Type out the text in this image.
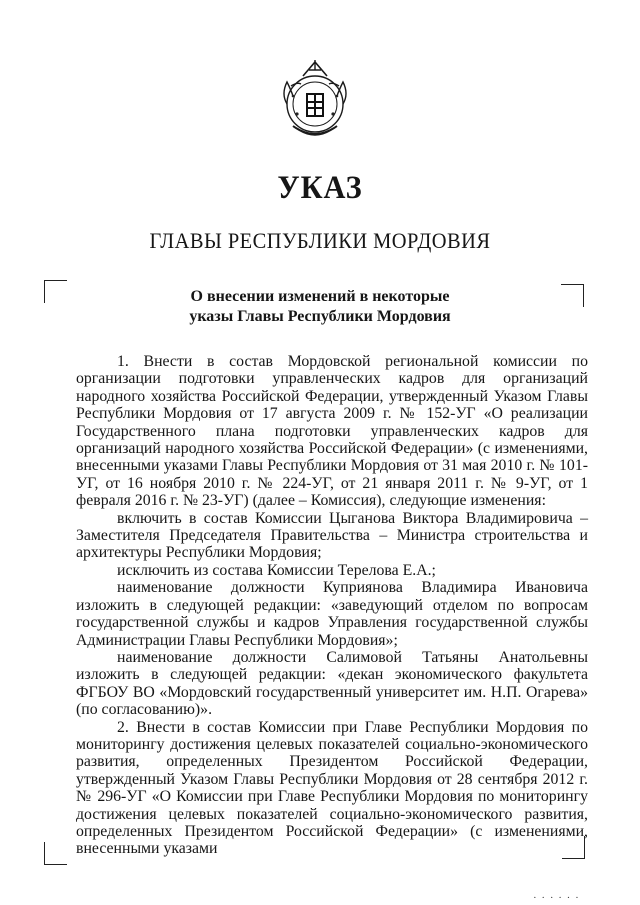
УКАЗ
ГЛАВЫ РЕСПУБЛИКИ МОРДОВИЯ
О внесении изменений в некоторые
указы Главы Республики Мордовия

1. Внести в состав Мордовской региональной комиссии по организации подготовки управленческих кадров для организаций народного хозяйства Российской Федерации, утвержденный Указом Главы Республики Мордовия от 17 августа 2009 г. № 152-УГ «О реализации Государственного плана подготовки управленческих кадров для организаций народного хозяйства Российской Федерации» (с изменениями, внесенными указами Главы Республики Мордовия от 31 мая 2010 г. № 101-УГ, от 16 ноября 2010 г. № 224-УГ, от 21 января 2011 г. № 9-УГ, от 1 февраля 2016 г. № 23-УГ) (далее – Комиссия), следующие изменения:

включить в состав Комиссии Цыганова Виктора Владимировича – Заместителя Председателя Правительства – Министра строительства и архитектуры Республики Мордовия;

исключить из состава Комиссии Терелова Е.А.;

наименование должности Куприянова Владимира Ивановича изложить в следующей редакции: «заведующий отделом по вопросам государственной службы и кадров Управления государственной службы Администрации Главы Республики Мордовия»;

наименование должности Салимовой Татьяны Анатольевны изложить в следующей редакции: «декан экономического факультета ФГБОУ ВО «Мордовский государственный университет им. Н.П. Огарева» (по согласованию)».

2. Внести в состав Комиссии при Главе Республики Мордовия по мониторингу достижения целевых показателей социально-экономического развития, определенных Президентом Российской Федерации, утвержденный Указом Главы Республики Мордовия от 28 сентября 2012 г. № 296-УГ «О Комиссии при Главе Республики Мордовия по мониторингу достижения целевых показателей социально-экономического развития, определенных Президентом Российской Федерации» (с изменениями, внесенными указами

· · · · · ·
